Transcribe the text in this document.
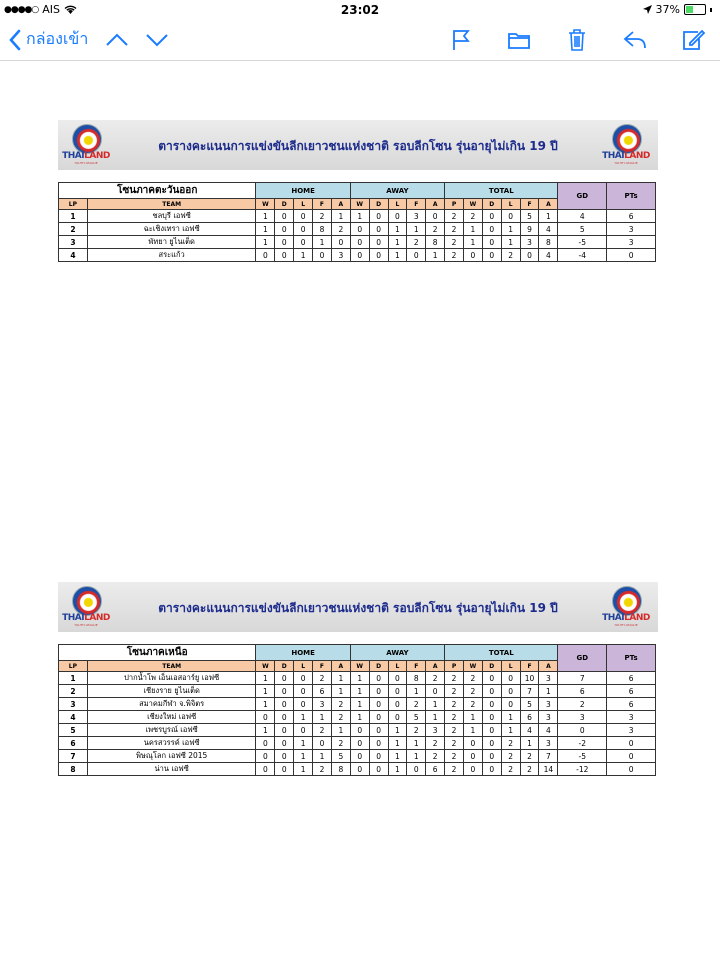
●●●●○ AIS	23:02	37%
กล่องเข้า
THAILAND
YOUTH LEAGUE
ตารางคะแนนการแข่งขันลีกเยาวชนแห่งชาติ รอบลีกโซน รุ่นอายุไม่เกิน 19 ปี
THAILAND
YOUTH LEAGUE
โซนภาคตะวันออก		HOME					AWAY					TOTAL						GD	PTs
LP	TEAM	W	D	L	F	A	W	D	L	F	A	P	W	D	L	F	A		
1	ชลบุรี เอฟซี	1	0	0	2	1	1	0	0	3	0	2	2	0	0	5	1	4	6
2	ฉะเชิงเทรา เอฟซี	1	0	0	8	2	0	0	1	1	2	2	1	0	1	9	4	5	3
3	พัทยา ยูไนเต็ด	1	0	0	1	0	0	0	1	2	8	2	1	0	1	3	8	-5	3
4	สระแก้ว	0	0	1	0	3	0	0	1	0	1	2	0	0	2	0	4	-4	0
THAILAND
YOUTH LEAGUE
ตารางคะแนนการแข่งขันลีกเยาวชนแห่งชาติ รอบลีกโซน รุ่นอายุไม่เกิน 19 ปี
THAILAND
YOUTH LEAGUE
โซนภาคเหนือ		HOME					AWAY					TOTAL						GD	PTs
LP	TEAM	W	D	L	F	A	W	D	L	F	A	P	W	D	L	F	A		
1	ปากน้ำโพ เอ็นเอสอาร์ยู เอฟซี	1	0	0	2	1	1	0	0	8	2	2	2	0	0	10	3	7	6
2	เชียงราย ยูไนเต็ด	1	0	0	6	1	1	0	0	1	0	2	2	0	0	7	1	6	6
3	สมาคมกีฬา จ.พิจิตร	1	0	0	3	2	1	0	0	2	1	2	2	0	0	5	3	2	6
4	เชียงใหม่ เอฟซี	0	0	1	1	2	1	0	0	5	1	2	1	0	1	6	3	3	3
5	เพชรบูรณ์ เอฟซี	1	0	0	2	1	0	0	1	2	3	2	1	0	1	4	4	0	3
6	นครสวรรค์ เอฟซี	0	0	1	0	2	0	0	1	1	2	2	0	0	2	1	3	-2	0
7	พิษณุโลก เอฟซี 2015	0	0	1	1	5	0	0	1	1	2	2	0	0	2	2	7	-5	0
8	น่าน เอฟซี	0	0	1	2	8	0	0	1	0	6	2	0	0	2	2	14	-12	0
